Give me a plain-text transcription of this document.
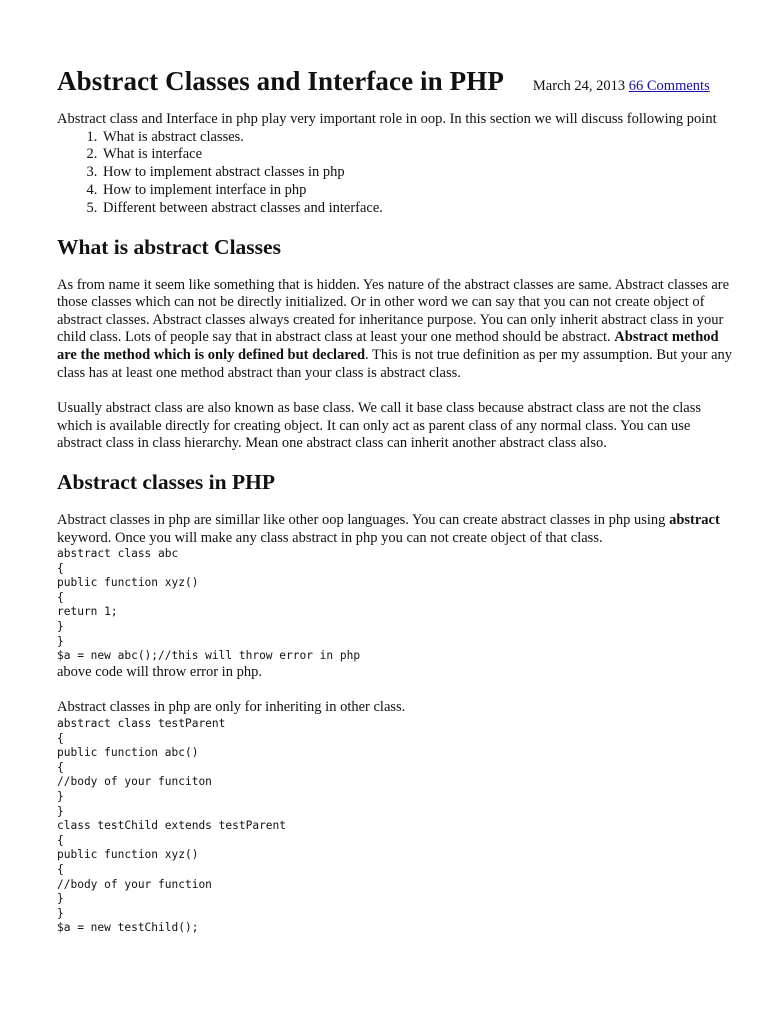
Abstract Classes and Interface in PHP March 24, 2013 66 Comments

Abstract class and Interface in php play very important role in oop. In this section we will discuss following point

1. What is abstract classes.
2. What is interface
3. How to implement abstract classes in php
4. How to implement interface in php
5. Different between abstract classes and interface.
What is abstract Classes

As from name it seem like something that is hidden. Yes nature of the abstract classes are same. Abstract classes are those classes which can not be directly initialized. Or in other word we can say that you can not create object of abstract classes. Abstract classes always created for inheritance purpose. You can only inherit abstract class in your child class. Lots of people say that in abstract class at least your one method should be abstract. Abstract method are the method which is only defined but declared. This is not true definition as per my assumption. But your any class has at least one method abstract than your class is abstract class.

Usually abstract class are also known as base class. We call it base class because abstract class are not the class which is available directly for creating object. It can only act as parent class of any normal class. You can use abstract class in class hierarchy. Mean one abstract class can inherit another abstract class also.

Abstract classes in PHP

Abstract classes in php are simillar like other oop languages. You can create abstract classes in php using abstract keyword. Once you will make any class abstract in php you can not create object of that class.

abstract class abc
{
public function xyz()
{
return 1;
}
}
$a = new abc();//this will throw error in php

above code will throw error in php.

Abstract classes in php are only for inheriting in other class.

abstract class testParent
{
public function abc()
{
//body of your funciton
}
}
class testChild extends testParent
{
public function xyz()
{
//body of your function
}
}
$a = new testChild();
